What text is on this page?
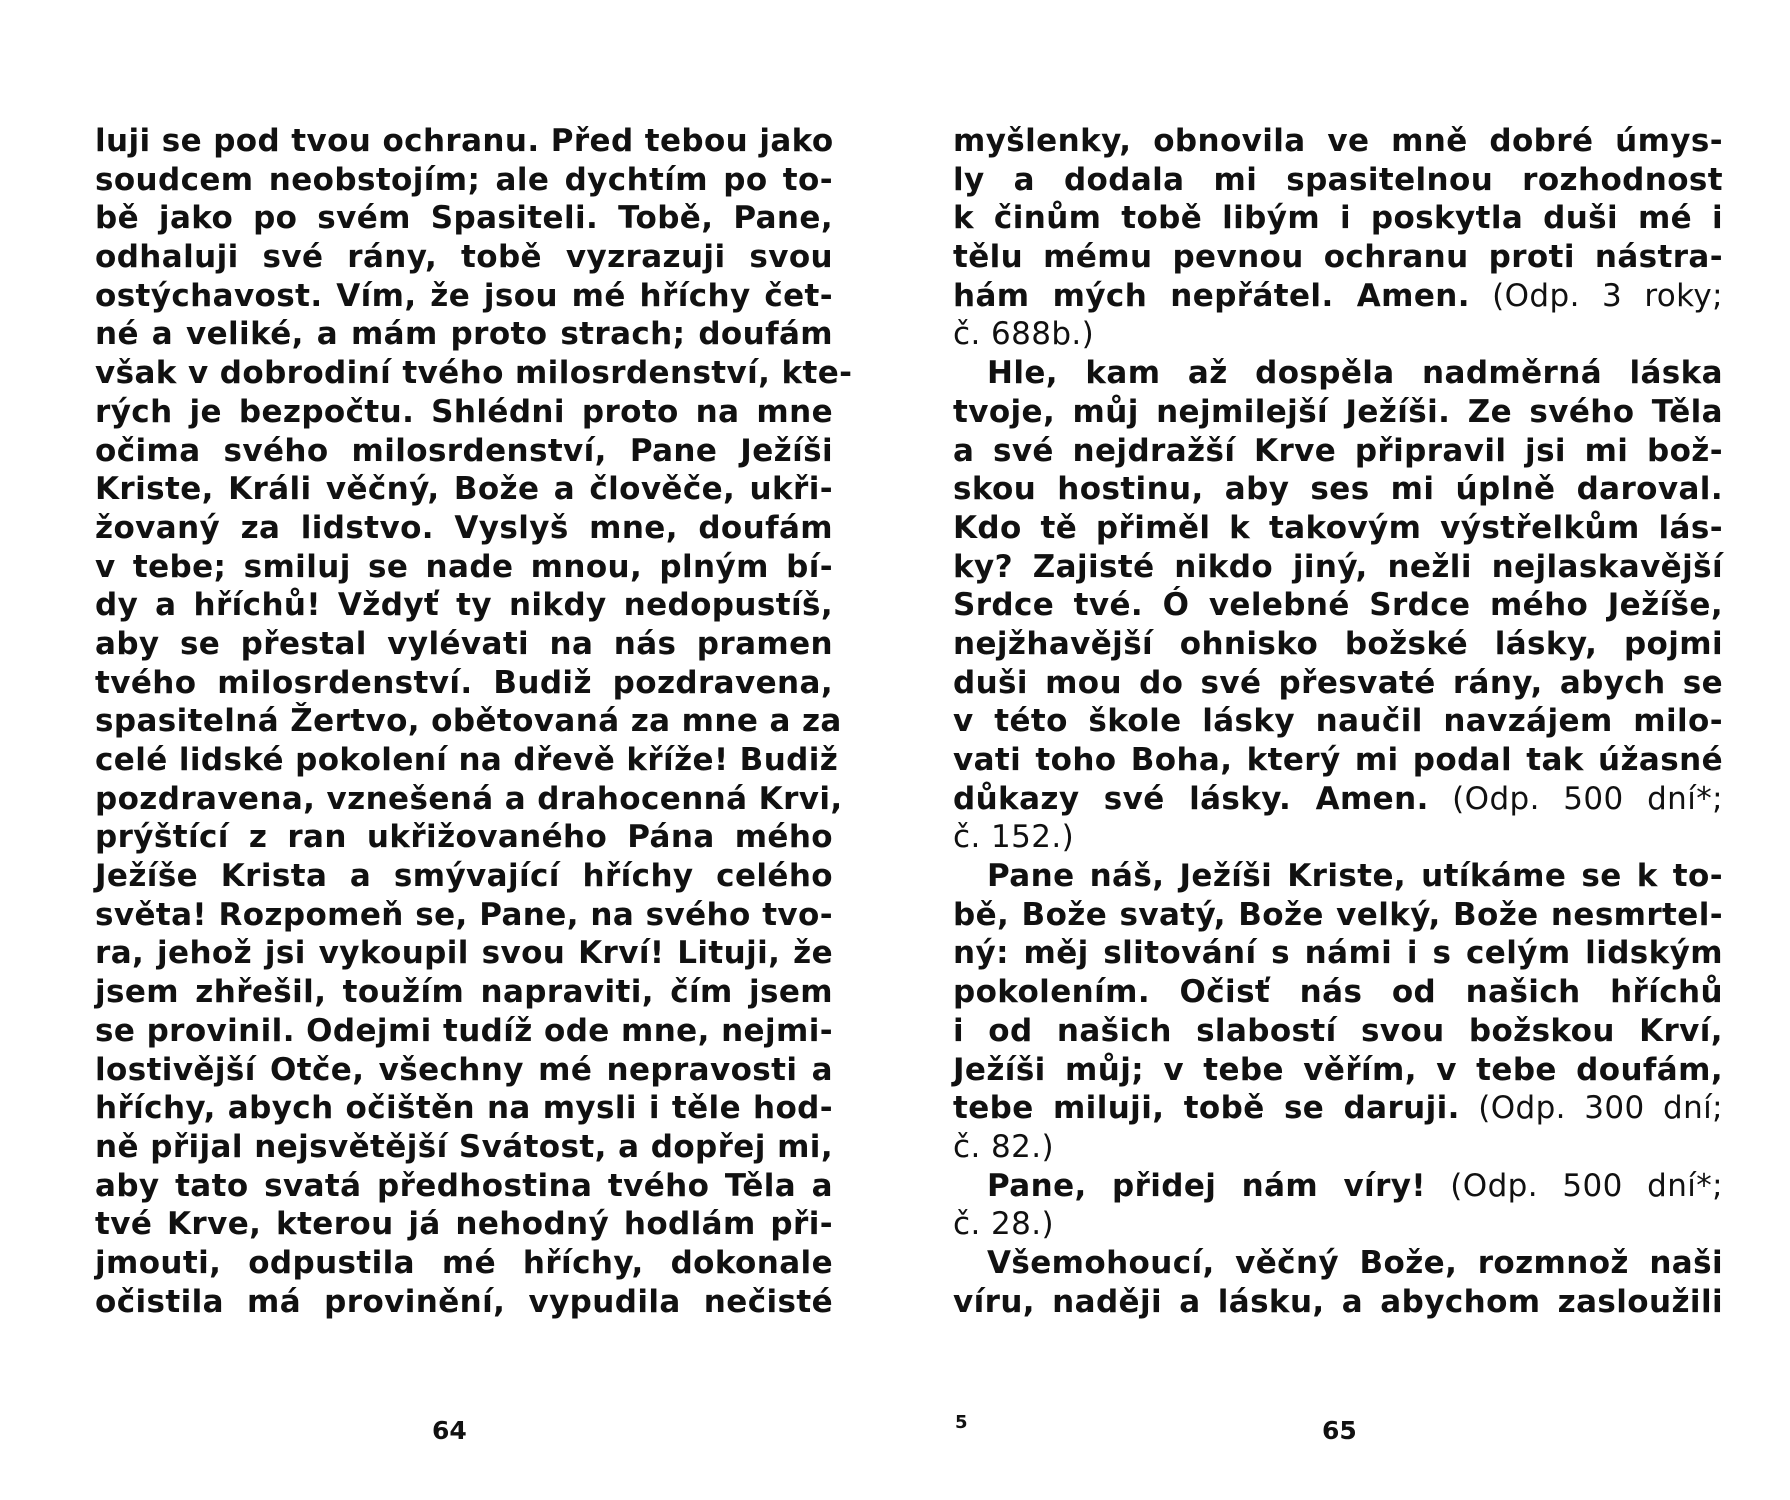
luji se pod tvou ochranu. Před tebou jako
soudcem neobstojím; ale dychtím po to-
bě jako po svém Spasiteli. Tobě, Pane,
odhaluji své rány, tobě vyzrazuji svou
ostýchavost. Vím, že jsou mé hříchy čet-
né a veliké, a mám proto strach; doufám
však v dobrodiní tvého milosrdenství, kte-
rých je bezpočtu. Shlédni proto na mne
očima svého milosrdenství, Pane Ježíši
Kriste, Králi věčný, Bože a člověče, ukři-
žovaný za lidstvo. Vyslyš mne, doufám
v tebe; smiluj se nade mnou, plným bí-
dy a hříchů! Vždyť ty nikdy nedopustíš,
aby se přestal vylévati na nás pramen
tvého milosrdenství. Budiž pozdravena,
spasitelná Žertvo, obětovaná za mne a za
celé lidské pokolení na dřevě kříže! Budiž
pozdravena, vznešená a drahocenná Krvi,
prýštící z ran ukřižovaného Pána mého
Ježíše Krista a smývající hříchy celého
světa! Rozpomeň se, Pane, na svého tvo-
ra, jehož jsi vykoupil svou Krví! Lituji, že
jsem zhřešil, toužím napraviti, čím jsem
se provinil. Odejmi tudíž ode mne, nejmi-
lostivější Otče, všechny mé nepravosti a
hříchy, abych očištěn na mysli i těle hod-
ně přijal nejsvětější Svátost, a dopřej mi,
aby tato svatá předhostina tvého Těla a
tvé Krve, kterou já nehodný hodlám při-
jmouti, odpustila mé hříchy, dokonale
očistila má provinění, vypudila nečisté
64
myšlenky, obnovila ve mně dobré úmys-
ly a dodala mi spasitelnou rozhodnost
k činům tobě libým i poskytla duši mé i
tělu mému pevnou ochranu proti nástra-
hám mých nepřátel. Amen. (Odp. 3 roky;
č. 688b.)
Hle, kam až dospěla nadměrná láska
tvoje, můj nejmilejší Ježíši. Ze svého Těla
a své nejdražší Krve připravil jsi mi bož-
skou hostinu, aby ses mi úplně daroval.
Kdo tě přiměl k takovým výstřelkům lás-
ky? Zajisté nikdo jiný, nežli nejlaskavější
Srdce tvé. Ó velebné Srdce mého Ježíše,
nejžhavější ohnisko božské lásky, pojmi
duši mou do své přesvaté rány, abych se
v této škole lásky naučil navzájem milo-
vati toho Boha, který mi podal tak úžasné
důkazy své lásky. Amen. (Odp. 500 dní*;
č. 152.)
Pane náš, Ježíši Kriste, utíkáme se k to-
bě, Bože svatý, Bože velký, Bože nesmrtel-
ný: měj slitování s námi i s celým lidským
pokolením. Očisť nás od našich hříchů
i od našich slabostí svou božskou Krví,
Ježíši můj; v tebe věřím, v tebe doufám,
tebe miluji, tobě se daruji. (Odp. 300 dní;
č. 82.)
Pane, přidej nám víry! (Odp. 500 dní*;
č. 28.)
Všemohoucí, věčný Bože, rozmnož naši
víru, naději a lásku, a abychom zasloužili
5	65
